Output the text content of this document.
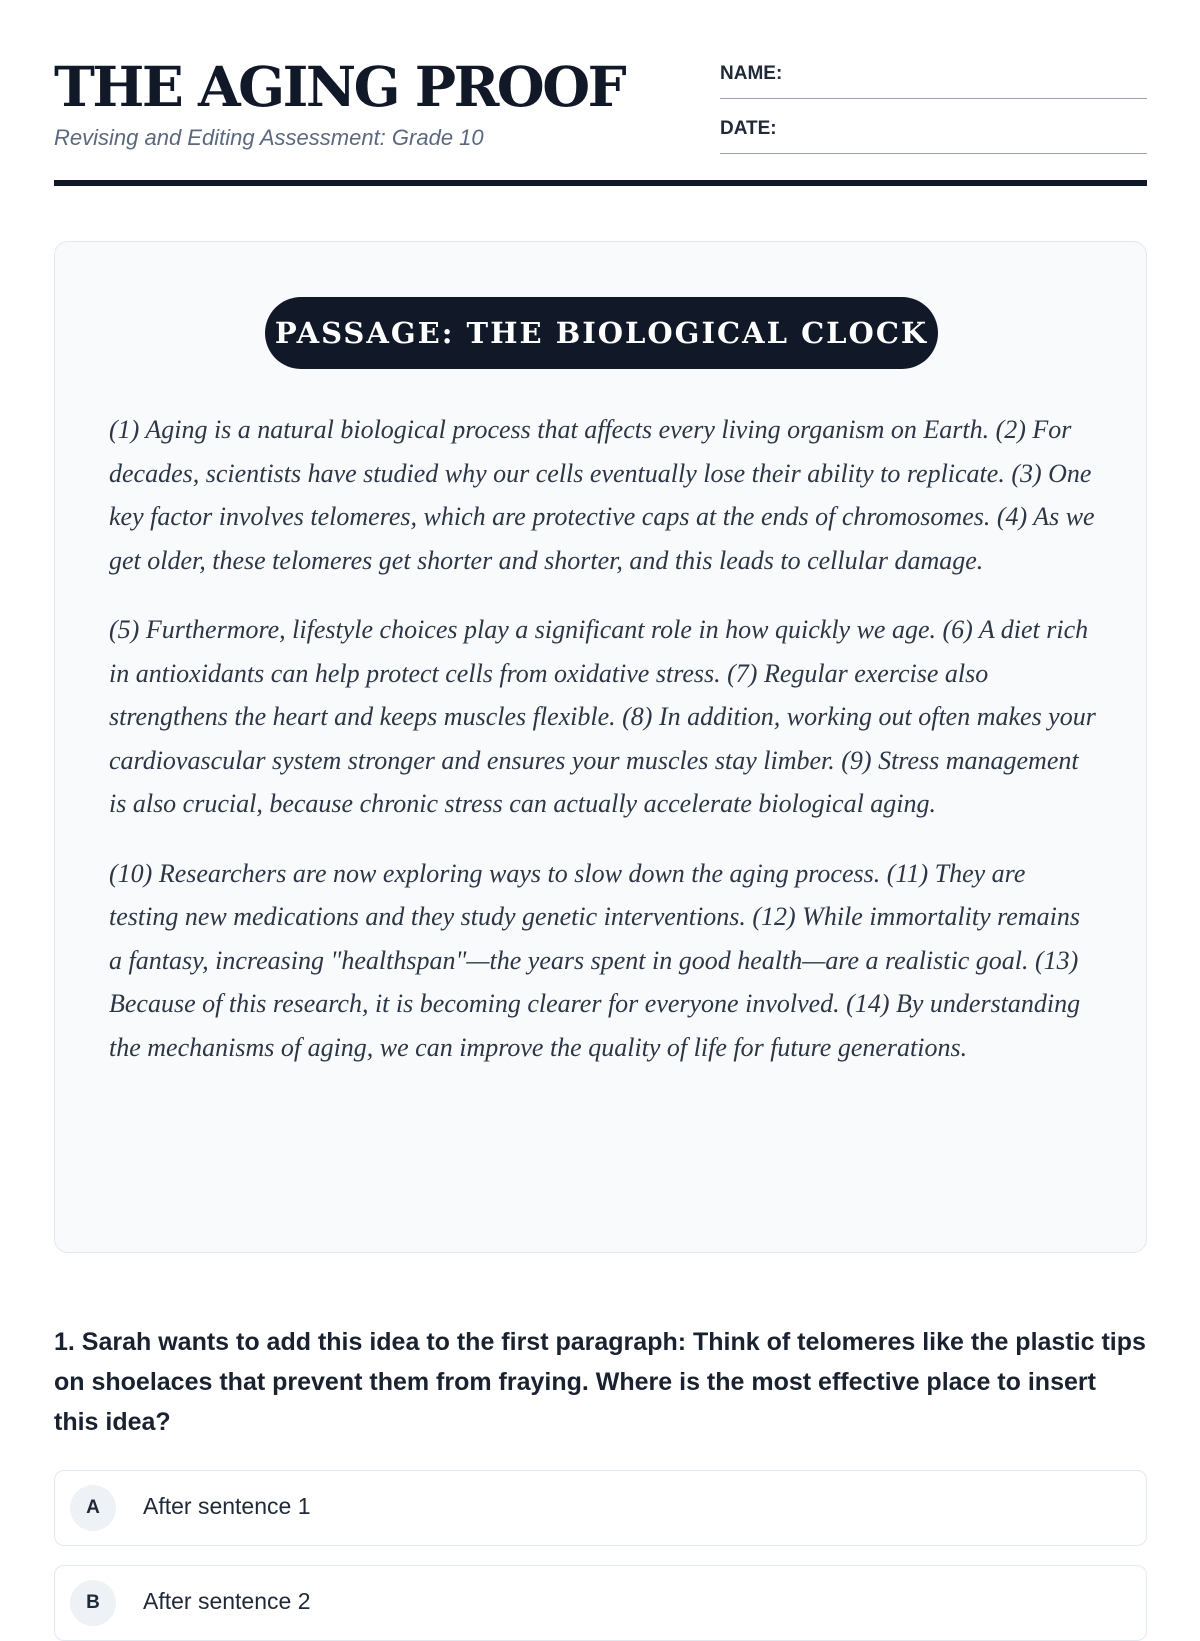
THE AGING PROOF
Revising and Editing Assessment: Grade 10
NAME:
DATE:
PASSAGE: THE BIOLOGICAL CLOCK

(1) Aging is a natural biological process that affects every living organism on Earth. (2) For decades, scientists have studied why our cells eventually lose their ability to replicate. (3) One key factor involves telomeres, which are protective caps at the ends of chromosomes. (4) As we get older, these telomeres get shorter and shorter, and this leads to cellular damage.

(5) Furthermore, lifestyle choices play a significant role in how quickly we age. (6) A diet rich in antioxidants can help protect cells from oxidative stress. (7) Regular exercise also strengthens the heart and keeps muscles flexible. (8) In addition, working out often makes your cardiovascular system stronger and ensures your muscles stay limber. (9) Stress management is also crucial, because chronic stress can actually accelerate biological aging.

(10) Researchers are now exploring ways to slow down the aging process. (11) They are testing new medications and they study genetic interventions. (12) While immortality remains a fantasy, increasing "healthspan"—the years spent in good health—are a realistic goal. (13) Because of this research, it is becoming clearer for everyone involved. (14) By understanding the mechanisms of aging, we can improve the quality of life for future generations.

1. Sarah wants to add this idea to the first paragraph: Think of telomeres like the plastic tips on shoelaces that prevent them from fraying. Where is the most effective place to insert this idea?
A	After sentence 1
B	After sentence 2
